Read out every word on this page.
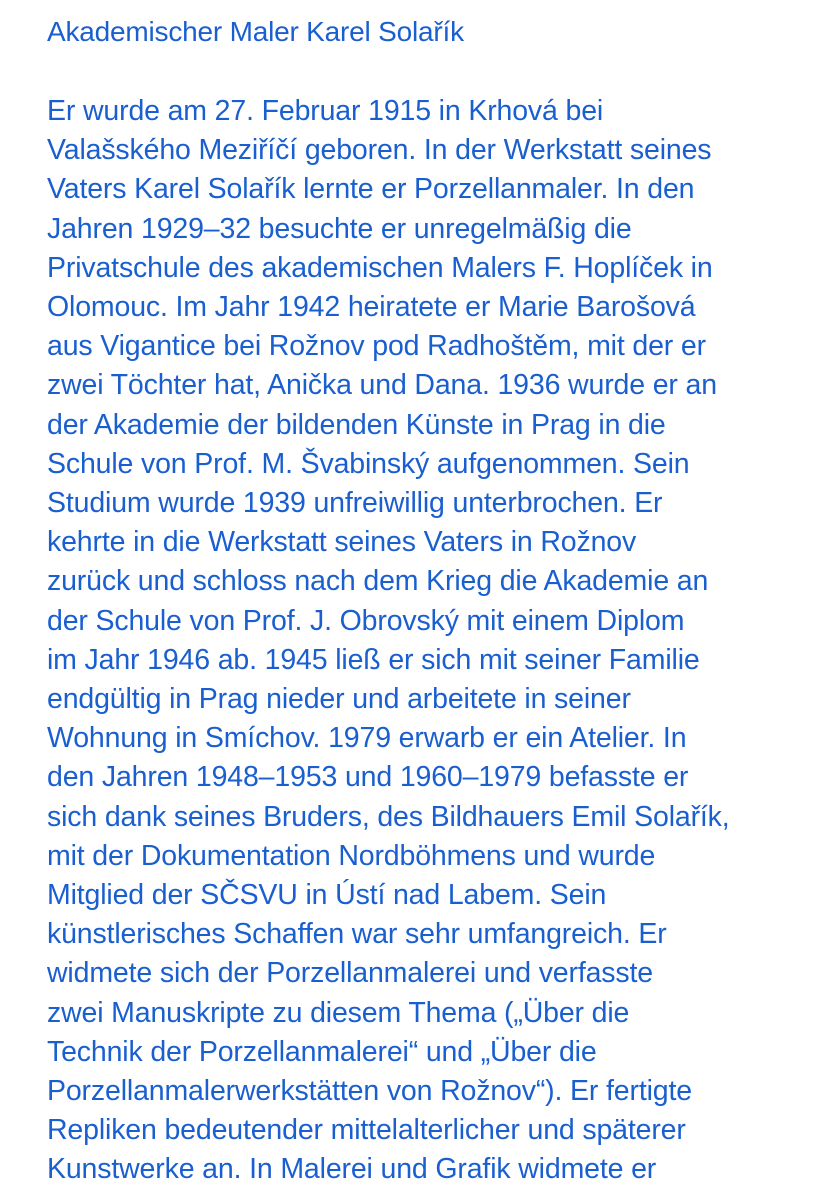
Akademischer Maler Karel Solařík
Er wurde am 27. Februar 1915 in Krhová bei
Valašského Meziříčí geboren. In der Werkstatt seines
Vaters Karel Solařík lernte er Porzellanmaler. In den
Jahren 1929–32 besuchte er unregelmäßig die
Privatschule des akademischen Malers F. Hoplíček in
Olomouc. Im Jahr 1942 heiratete er Marie Barošová
aus Vigantice bei Rožnov pod Radhoštěm, mit der er
zwei Töchter hat, Anička und Dana. 1936 wurde er an
der Akademie der bildenden Künste in Prag in die
Schule von Prof. M. Švabinský aufgenommen. Sein
Studium wurde 1939 unfreiwillig unterbrochen. Er
kehrte in die Werkstatt seines Vaters in Rožnov
zurück und schloss nach dem Krieg die Akademie an
der Schule von Prof. J. Obrovský mit einem Diplom
im Jahr 1946 ab. 1945 ließ er sich mit seiner Familie
endgültig in Prag nieder und arbeitete in seiner
Wohnung in Smíchov. 1979 erwarb er ein Atelier. In
den Jahren 1948–1953 und 1960–1979 befasste er
sich dank seines Bruders, des Bildhauers Emil Solařík,
mit der Dokumentation Nordböhmens und wurde
Mitglied der SČSVU in Ústí nad Labem. Sein
künstlerisches Schaffen war sehr umfangreich. Er
widmete sich der Porzellanmalerei und verfasste
zwei Manuskripte zu diesem Thema („Über die
Technik der Porzellanmalerei“ und „Über die
Porzellanmalerwerkstätten von Rožnov“). Er fertigte
Repliken bedeutender mittelalterlicher und späterer
Kunstwerke an. In Malerei und Grafik widmete er
